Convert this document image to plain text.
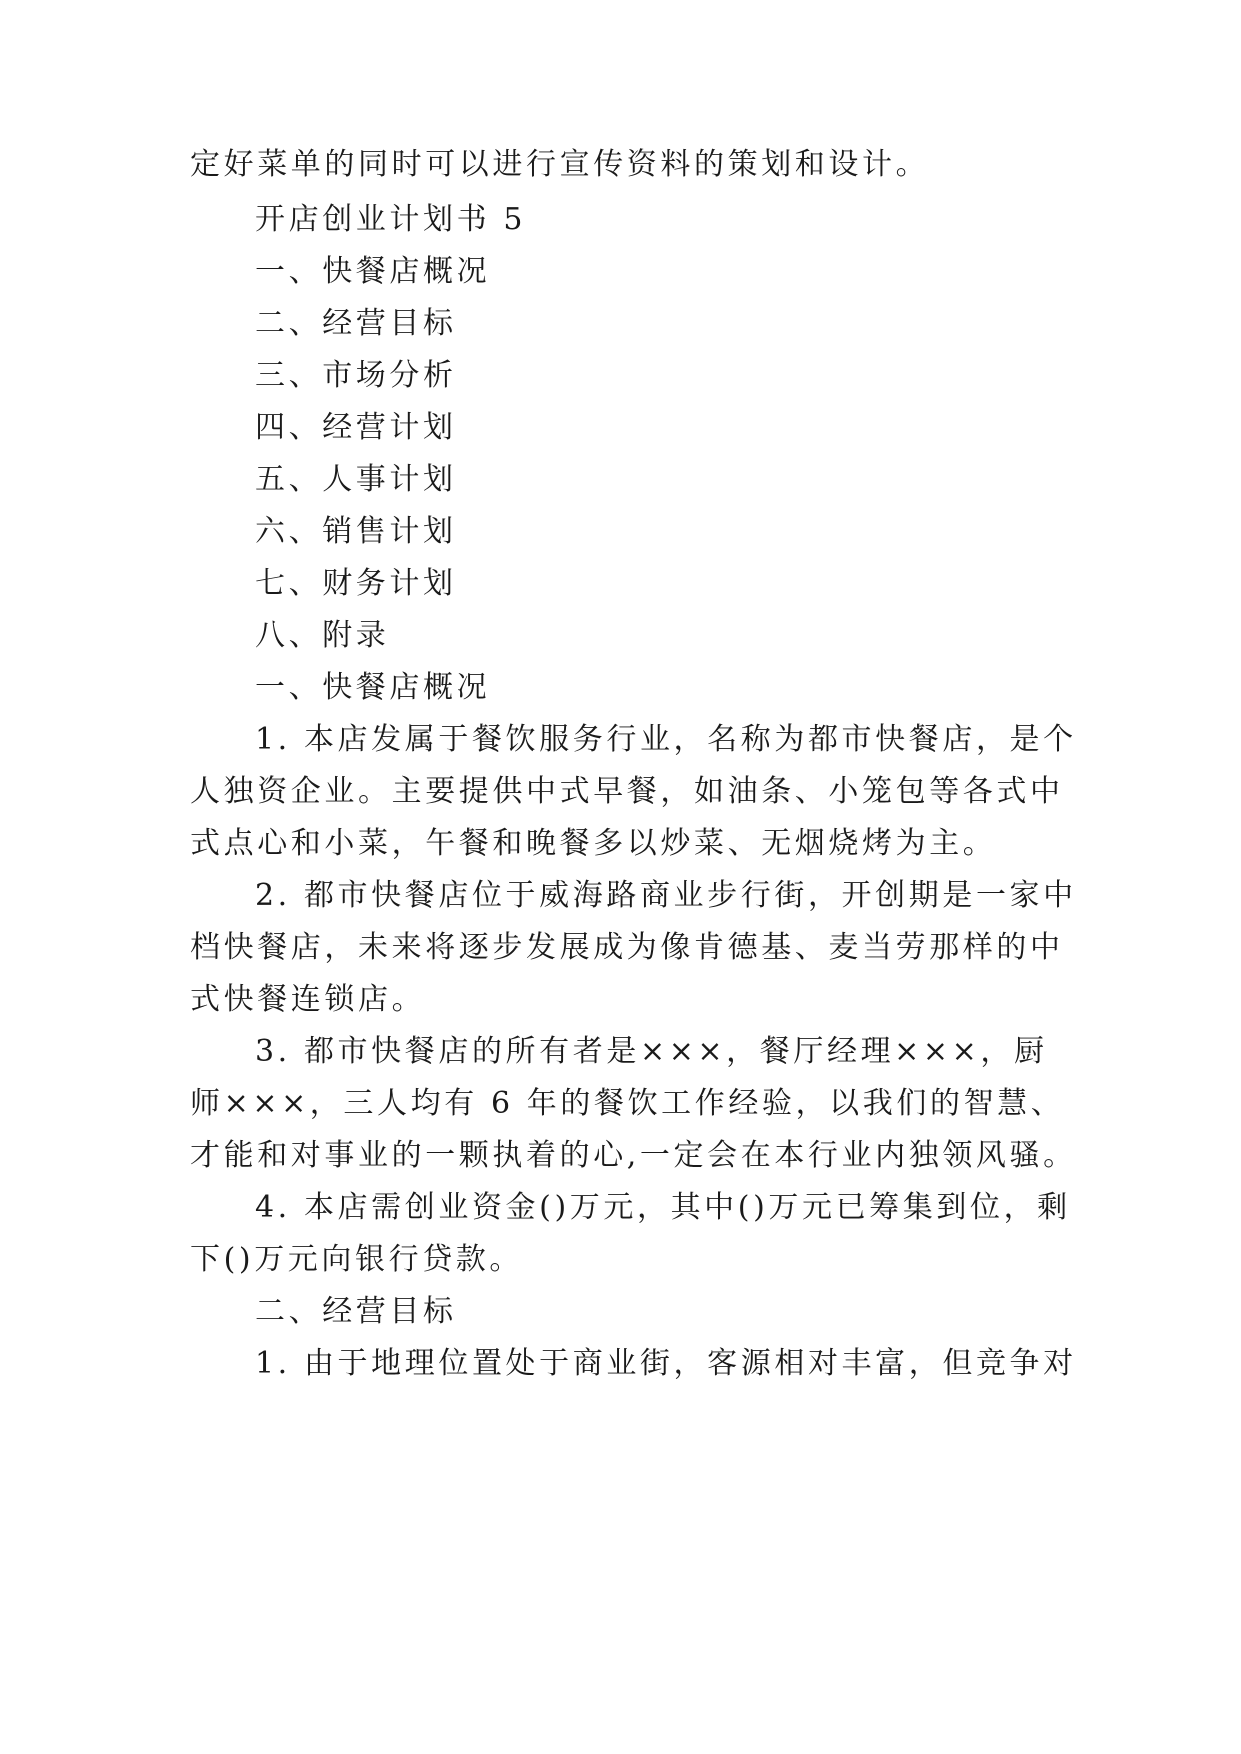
定好菜单的同时可以进行宣传资料的策划和设计。
开店创业计划书 5
一、快餐店概况
二、经营目标
三、市场分析
四、经营计划
五、人事计划
六、销售计划
七、财务计划
八、附录
一、快餐店概况
1. 本店发属于餐饮服务行业，名称为都市快餐店，是个
人独资企业。主要提供中式早餐，如油条、小笼包等各式中
式点心和小菜，午餐和晚餐多以炒菜、无烟烧烤为主。
2. 都市快餐店位于威海路商业步行街，开创期是一家中
档快餐店，未来将逐步发展成为像肯德基、麦当劳那样的中
式快餐连锁店。
3. 都市快餐店的所有者是×××，餐厅经理×××，厨
师×××，三人均有 6 年的餐饮工作经验，以我们的智慧、
才能和对事业的一颗执着的心,一定会在本行业内独领风骚。
4. 本店需创业资金()万元，其中()万元已筹集到位，剩
下()万元向银行贷款。
二、经营目标
1. 由于地理位置处于商业街，客源相对丰富，但竞争对
